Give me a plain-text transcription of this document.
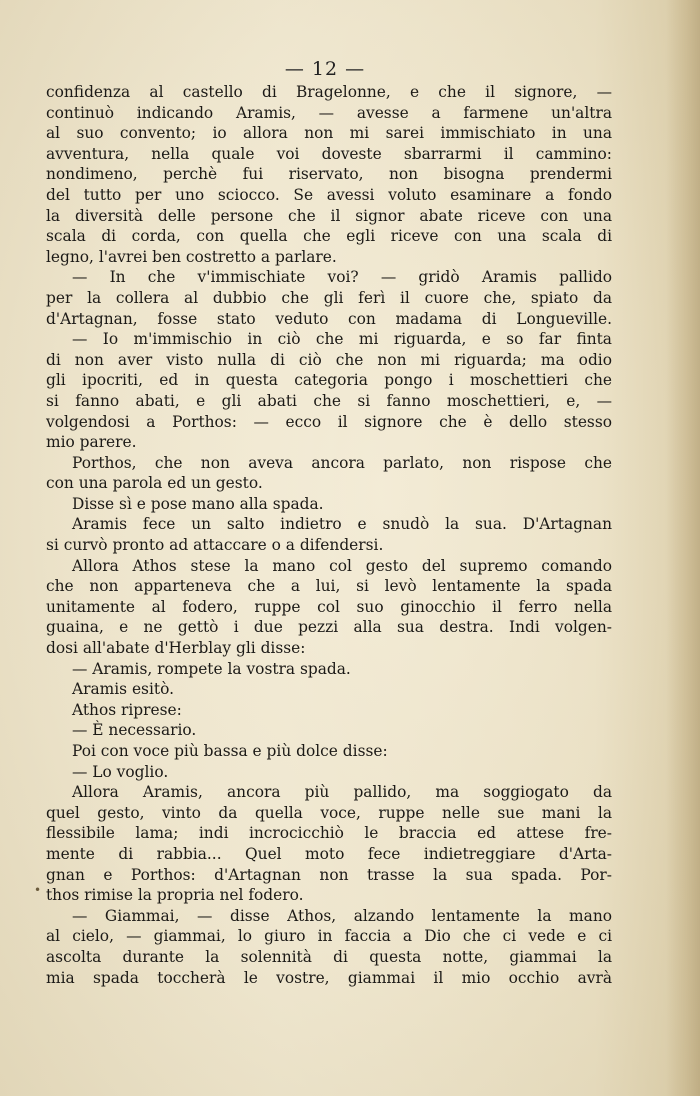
— 12 —
•
confidenza al castello di Bragelonne, e che il signore, —
continuò indicando Aramis, — avesse a farmene un'altra
al suo convento; io allora non mi sarei immischiato in una
avventura, nella quale voi doveste sbarrarmi il cammino:
nondimeno, perchè fui riservato, non bisogna prendermi
del tutto per uno sciocco. Se avessi voluto esaminare a fondo
la diversità delle persone che il signor abate riceve con una
scala di corda, con quella che egli riceve con una scala di
legno, l'avrei ben costretto a parlare.
— In che v'immischiate voi? — gridò Aramis pallido
per la collera al dubbio che gli ferì il cuore che, spiato da
d'Artagnan, fosse stato veduto con madama di Longueville.
— Io m'immischio in ciò che mi riguarda, e so far finta
di non aver visto nulla di ciò che non mi riguarda; ma odio
gli ipocriti, ed in questa categoria pongo i moschettieri che
si fanno abati, e gli abati che si fanno moschettieri, e, —
volgendosi a Porthos: — ecco il signore che è dello stesso
mio parere.
Porthos, che non aveva ancora parlato, non rispose che
con una parola ed un gesto.
Disse sì e pose mano alla spada.
Aramis fece un salto indietro e snudò la sua. D'Artagnan
si curvò pronto ad attaccare o a difendersi.
Allora Athos stese la mano col gesto del supremo comando
che non apparteneva che a lui, si levò lentamente la spada
unitamente al fodero, ruppe col suo ginocchio il ferro nella
guaina, e ne gettò i due pezzi alla sua destra. Indi volgen-
dosi all'abate d'Herblay gli disse:
— Aramis, rompete la vostra spada.
Aramis esitò.
Athos riprese:
— È necessario.
Poi con voce più bassa e più dolce disse:
— Lo voglio.
Allora Aramis, ancora più pallido, ma soggiogato da
quel gesto, vinto da quella voce, ruppe nelle sue mani la
flessibile lama; indi incrocicchiò le braccia ed attese fre-
mente di rabbia... Quel moto fece indietreggiare d'Arta-
gnan e Porthos: d'Artagnan non trasse la sua spada. Por-
thos rimise la propria nel fodero.
— Giammai, — disse Athos, alzando lentamente la mano
al cielo, — giammai, lo giuro in faccia a Dio che ci vede e ci
ascolta durante la solennità di questa notte, giammai la
mia spada toccherà le vostre, giammai il mio occhio avrà
